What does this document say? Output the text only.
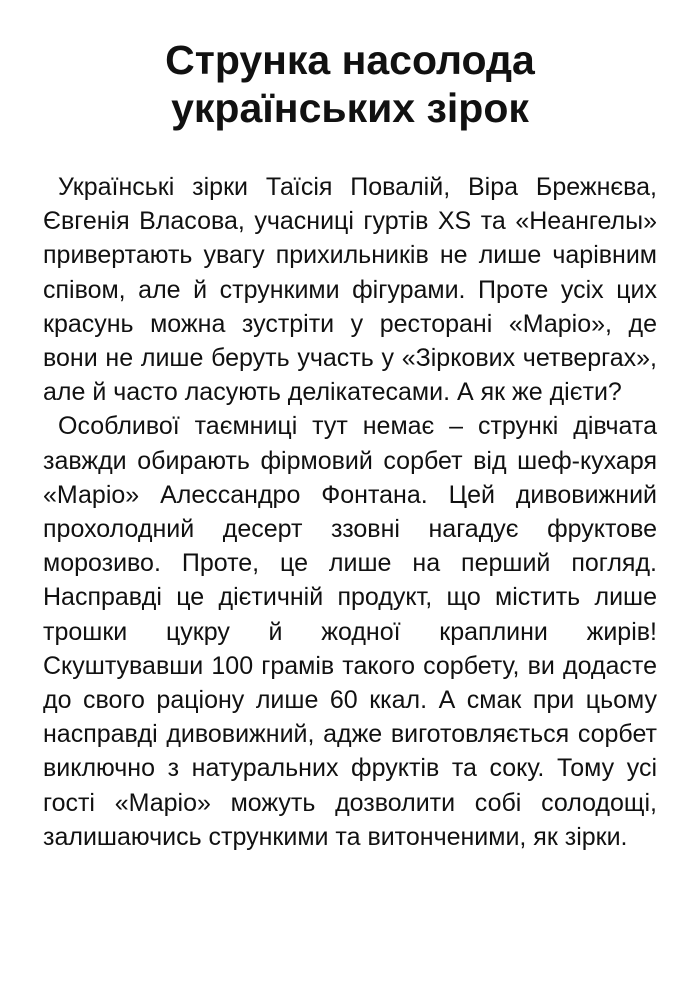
Струнка насолода
українських зірок

Українські зірки Таїсія Повалій, Віра Брежнєва, Євгенія Власова, учасниці гуртів XS та «Неангелы» привертають увагу прихильників не лише чарівним співом, але й стрункими фігурами. Проте усіх цих красунь можна зустріти у ресторані «Маріо», де вони не лише беруть участь у «Зіркових четвергах», але й часто ласують делікатесами. А як же дієти?

Особливої таємниці тут немає – стрункі дівчата завжди обирають фірмовий сорбет від шеф-кухаря «Маріо» Алессандро Фонтана. Цей дивовижний прохолодний десерт ззовні нагадує фруктове морозиво. Проте, це лише на перший погляд. Насправді це дієтичній продукт, що містить лише трошки цукру й жодної краплини жирів! Скуштувавши 100 грамів такого сорбету, ви додасте до свого раціону лише 60 ккал. А смак при цьому насправді дивовижний, адже виготовляється сорбет виключно з натуральних фруктів та соку. Тому усі гості «Маріо» можуть дозволити собі солодощі, залишаючись стрункими та витонченими, як зірки.
